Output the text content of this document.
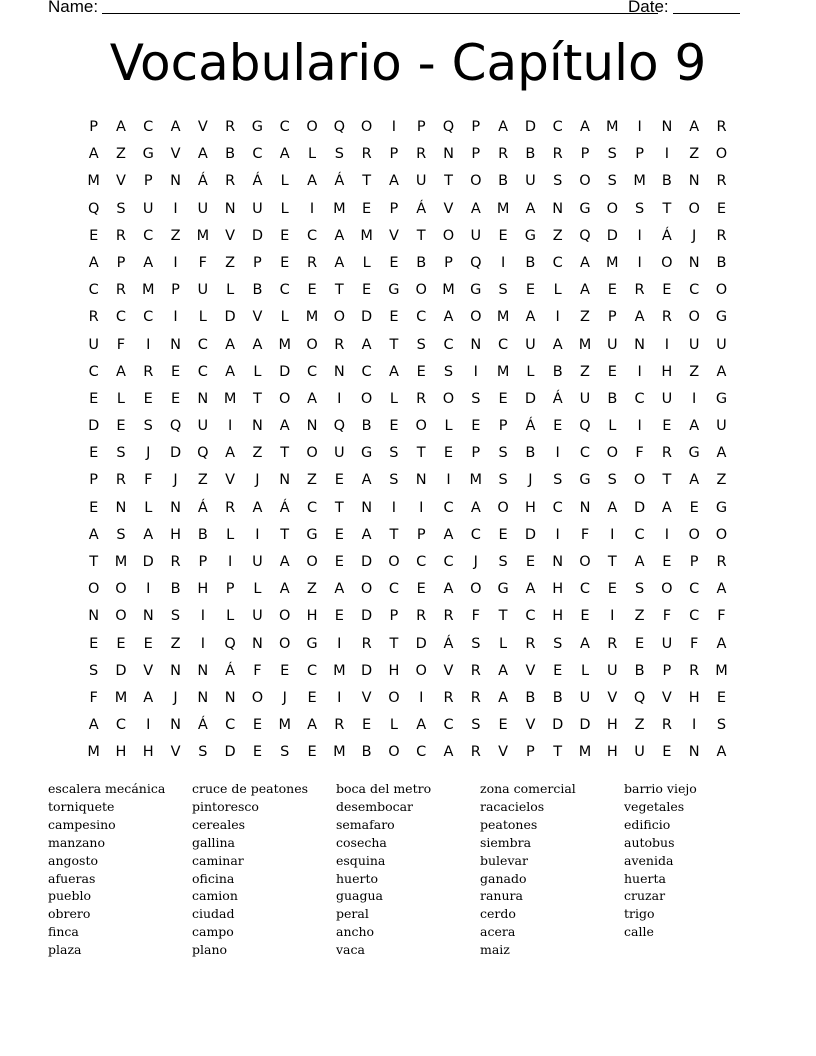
Name:	Date:
Vocabulario - Capítulo 9
P	A	C	A	V	R	G	C	O	Q	O	I	P	Q	P	A	D	C	A	M	I	N	A	R
A	Z	G	V	A	B	C	A	L	S	R	P	R	N	P	R	B	R	P	S	P	I	Z	O
M	V	P	N	Á	R	Á	L	A	Á	T	A	U	T	O	B	U	S	O	S	M	B	N	R
Q	S	U	I	U	N	U	L	I	M	E	P	Á	V	A	M	A	N	G	O	S	T	O	E
E	R	C	Z	M	V	D	E	C	A	M	V	T	O	U	E	G	Z	Q	D	I	Á	J	R
A	P	A	I	F	Z	P	E	R	A	L	E	B	P	Q	I	B	C	A	M	I	O	N	B
C	R	M	P	U	L	B	C	E	T	E	G	O	M	G	S	E	L	A	E	R	E	C	O
R	C	C	I	L	D	V	L	M	O	D	E	C	A	O	M	A	I	Z	P	A	R	O	G
U	F	I	N	C	A	A	M	O	R	A	T	S	C	N	C	U	A	M	U	N	I	U	U
C	A	R	E	C	A	L	D	C	N	C	A	E	S	I	M	L	B	Z	E	I	H	Z	A
E	L	E	E	N	M	T	O	A	I	O	L	R	O	S	E	D	Á	U	B	C	U	I	G
D	E	S	Q	U	I	N	A	N	Q	B	E	O	L	E	P	Á	E	Q	L	I	E	A	U
E	S	J	D	Q	A	Z	T	O	U	G	S	T	E	P	S	B	I	C	O	F	R	G	A
P	R	F	J	Z	V	J	N	Z	E	A	S	N	I	M	S	J	S	G	S	O	T	A	Z
E	N	L	N	Á	R	A	Á	C	T	N	I	I	C	A	O	H	C	N	A	D	A	E	G
A	S	A	H	B	L	I	T	G	E	A	T	P	A	C	E	D	I	F	I	C	I	O	O
T	M	D	R	P	I	U	A	O	E	D	O	C	C	J	S	E	N	O	T	A	E	P	R
O	O	I	B	H	P	L	A	Z	A	O	C	E	A	O	G	A	H	C	E	S	O	C	A
N	O	N	S	I	L	U	O	H	E	D	P	R	R	F	T	C	H	E	I	Z	F	C	F
E	E	E	Z	I	Q	N	O	G	I	R	T	D	Á	S	L	R	S	A	R	E	U	F	A
S	D	V	N	N	Á	F	E	C	M	D	H	O	V	R	A	V	E	L	U	B	P	R	M
F	M	A	J	N	N	O	J	E	I	V	O	I	R	R	A	B	B	U	V	Q	V	H	E
A	C	I	N	Á	C	E	M	A	R	E	L	A	C	S	E	V	D	D	H	Z	R	I	S
M	H	H	V	S	D	E	S	E	M	B	O	C	A	R	V	P	T	M	H	U	E	N	A
escalera mecánica
torniquete
campesino
manzano
angosto
afueras
pueblo
obrero
finca
plaza
cruce de peatones
pintoresco
cereales
gallina
caminar
oficina
camion
ciudad
campo
plano
boca del metro
desembocar
semafaro
cosecha
esquina
huerto
guagua
peral
ancho
vaca
zona comercial
racacielos
peatones
siembra
bulevar
ganado
ranura
cerdo
acera
maiz
barrio viejo
vegetales
edificio
autobus
avenida
huerta
cruzar
trigo
calle
